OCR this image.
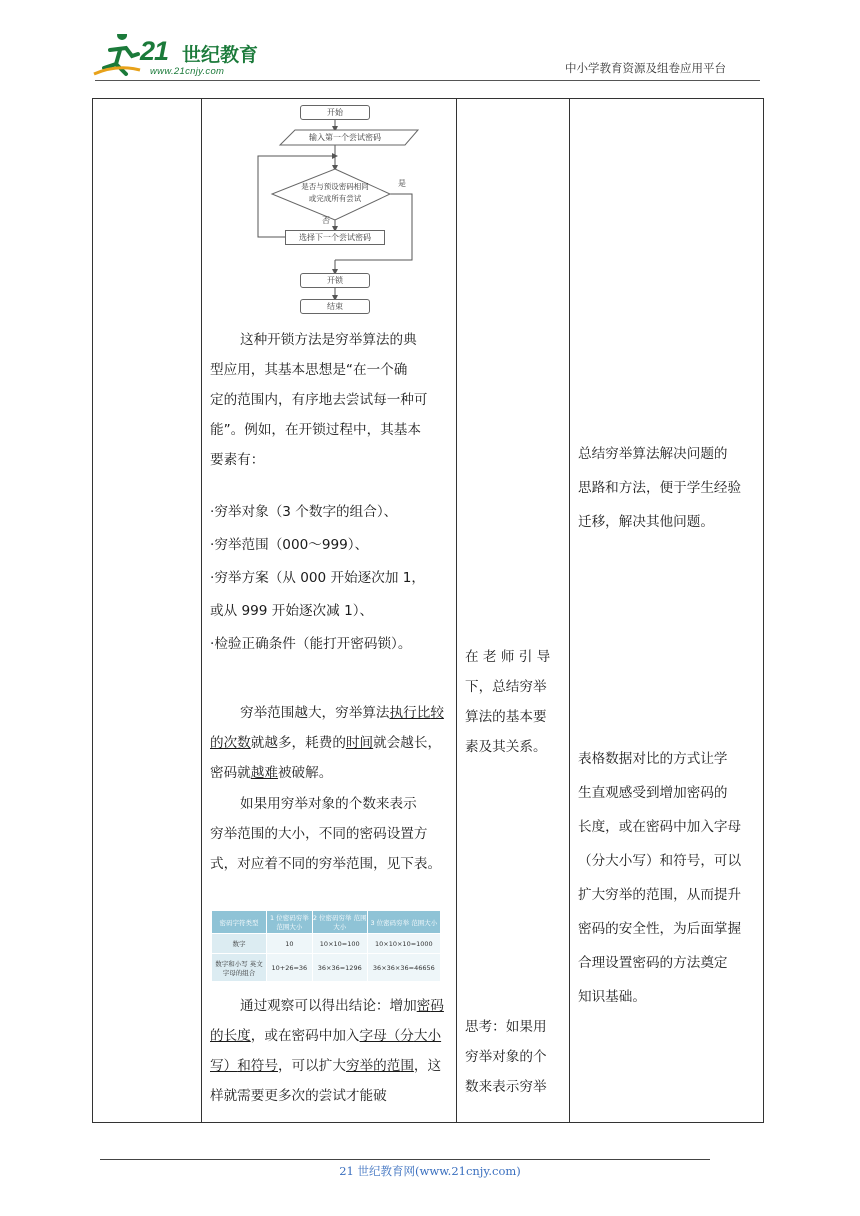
21 世纪教育
www.21cnjy.com	中小学教育资源及组卷应用平台
开始
输入第一个尝试密码
是否与预设密码相同
或完成所有尝试
是
否
选择下一个尝试密码
开锁
结束
这种开锁方法是穷举算法的典
型应用，其基本思想是“在一个确
定的范围内，有序地去尝试每一种可
能”。例如，在开锁过程中，其基本
要素有：
·穷举对象（3 个数字的组合）、
·穷举范围（000～999）、
·穷举方案（从 000 开始逐次加 1，
或从 999 开始逐次减 1）、
·检验正确条件（能打开密码锁）。
穷举范围越大，穷举算法执行比较的次数就越多，耗费的时间就会越长，密码就越难被破解。
如果用穷举对象的个数来表示
穷举范围的大小，不同的密码设置方
式，对应着不同的穷举范围，见下表。
密码字符类型	1 位密码穷举 范围大小	2 位密码穷举 范围大小	3 位密码穷举 范围大小
数字	10	10×10=100	10×10×10=1000
数字和小写 英文字母的组合	10+26=36	36×36=1296	36×36×36=46656
通过观察可以得出结论：增加密码的长度，或在密码中加入字母（分大小写）和符号，可以扩大穷举的范围，这样就需要更多次的尝试才能破
在 老 师 引 导
下，总结穷举
算法的基本要
素及其关系。
思考：如果用
穷举对象的个
数来表示穷举
总结穷举算法解决问题的
思路和方法，便于学生经验
迁移，解决其他问题。
表格数据对比的方式让学
生直观感受到增加密码的
长度，或在密码中加入字母
（分大小写）和符号，可以
扩大穷举的范围，从而提升
密码的安全性，为后面掌握
合理设置密码的方法奠定
知识基础。
21 世纪教育网(www.21cnjy.com)
